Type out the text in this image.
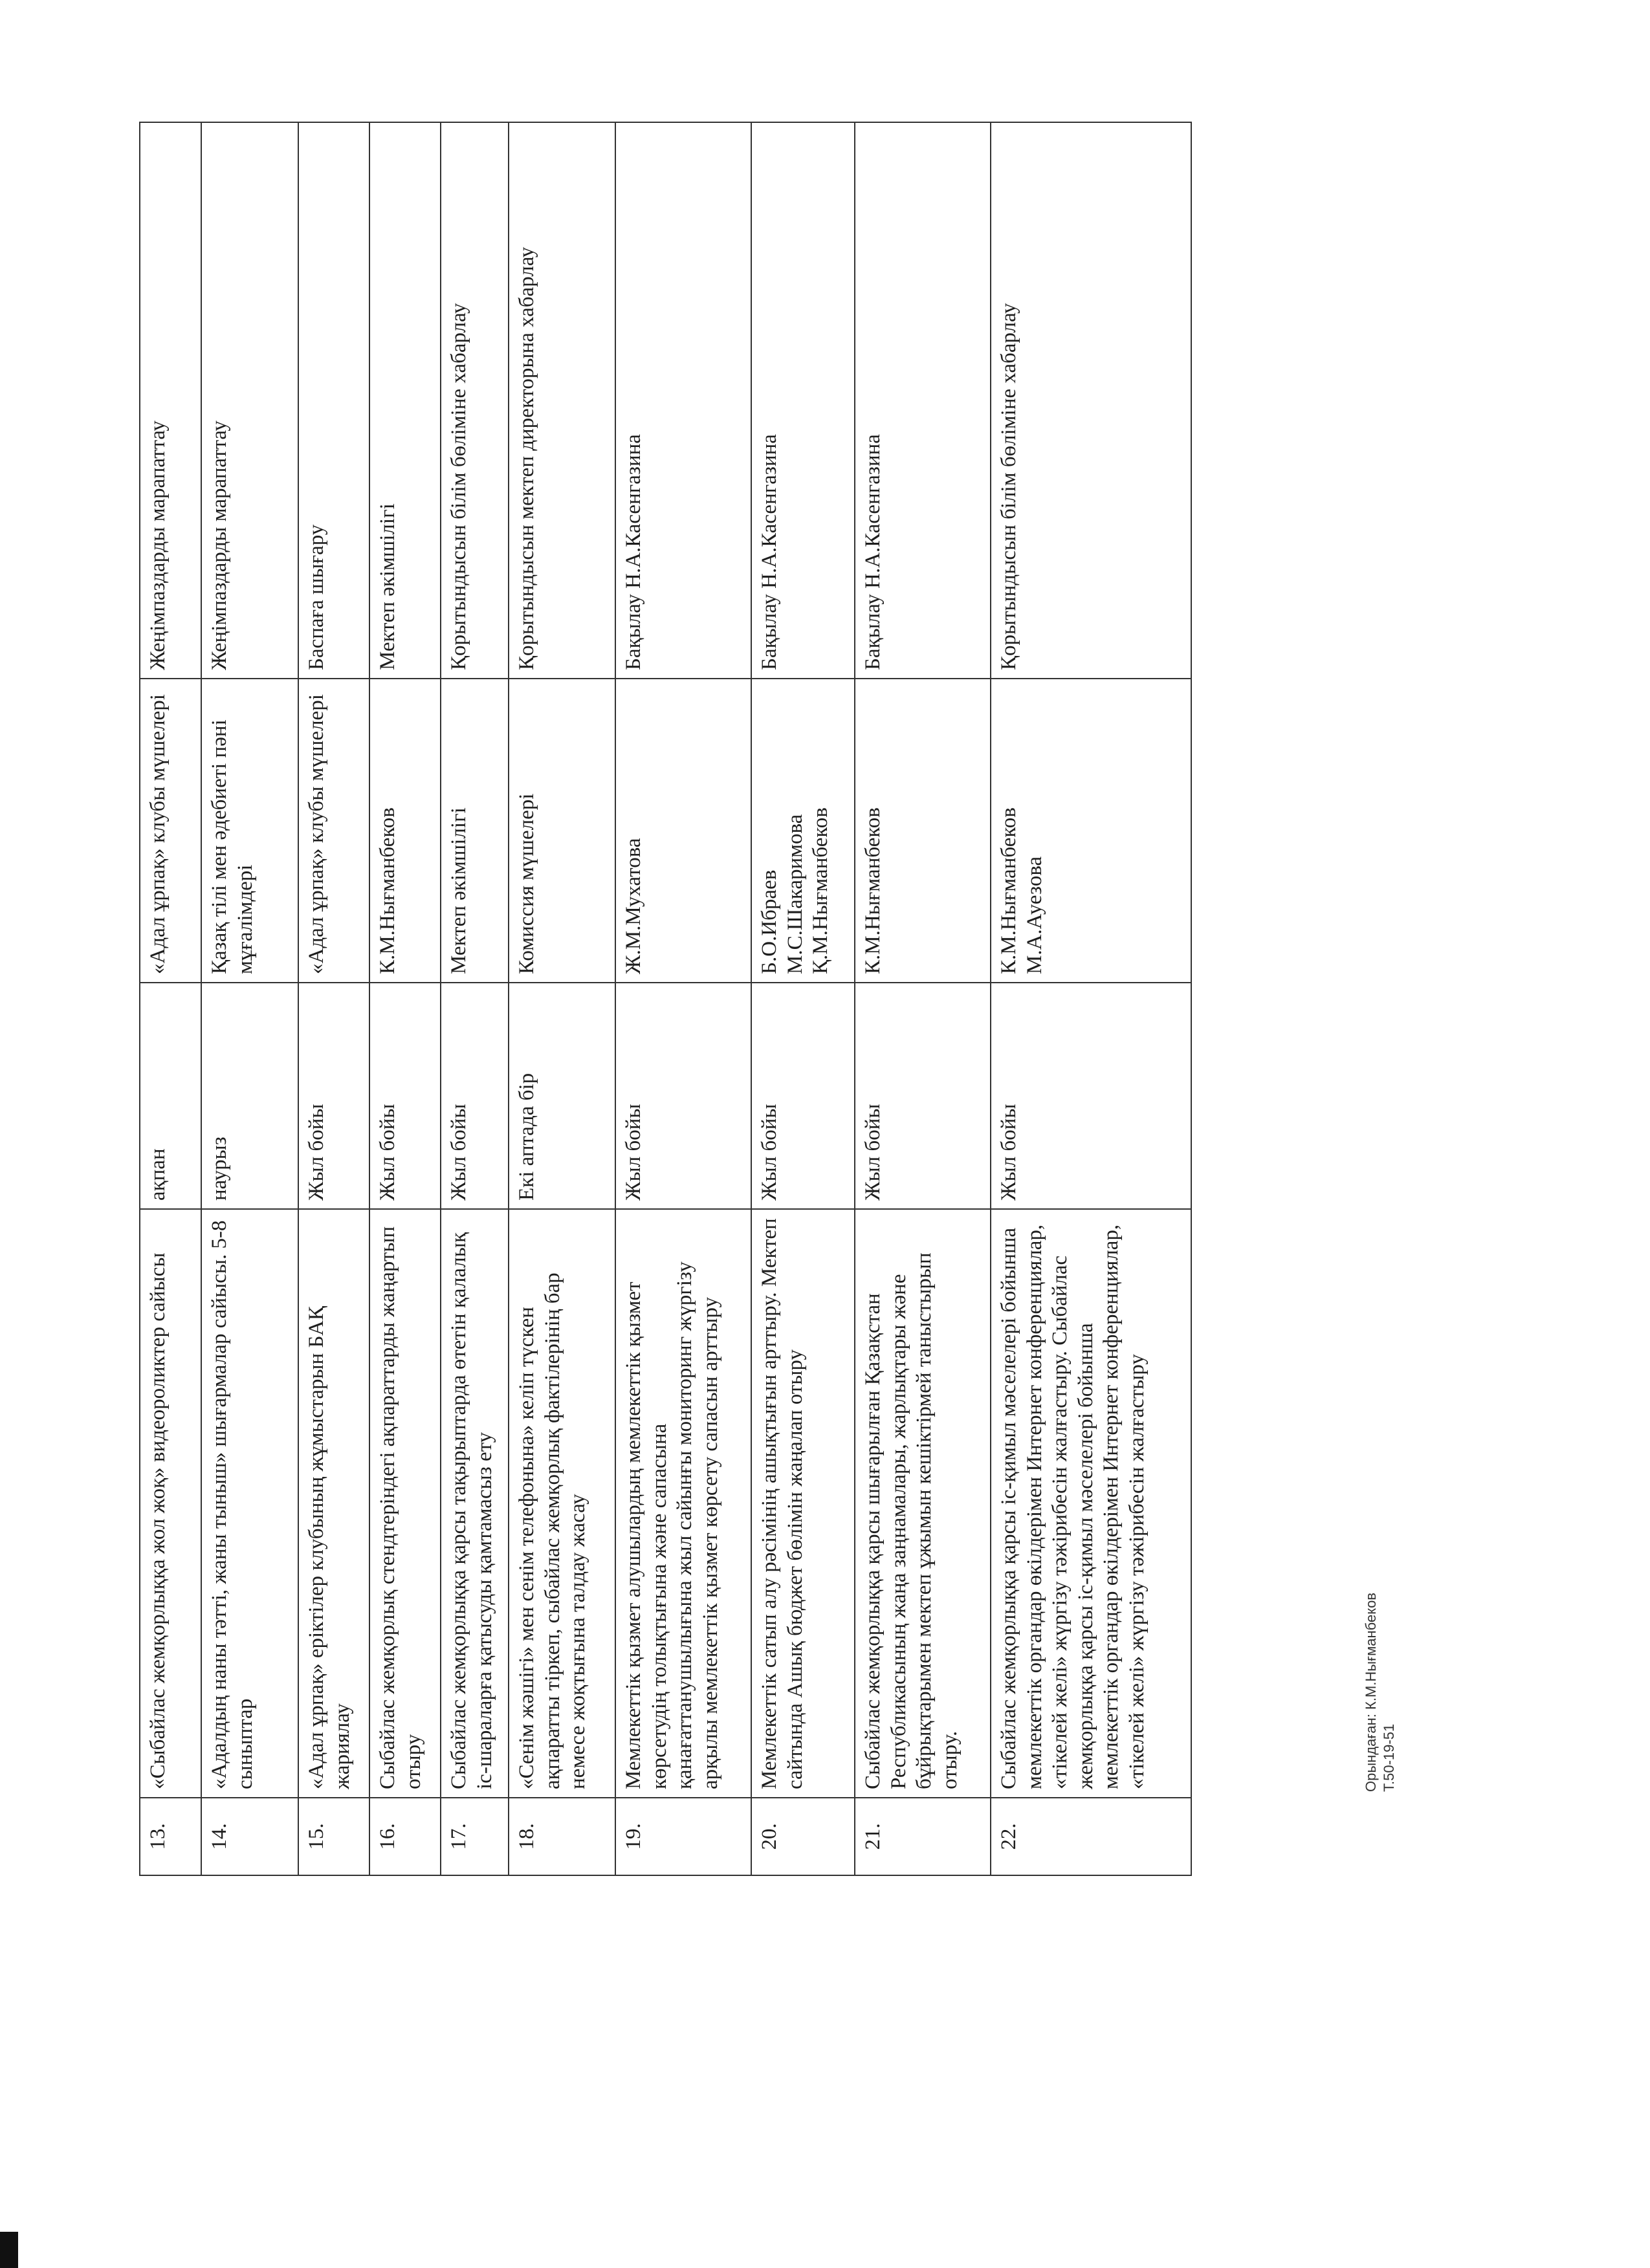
13.	«Сыбайлас жемқорлыққа жол жоқ» видеороликтер сайысы	ақпан	«Адал ұрпақ» клубы мүшелері	Жеңімпаздарды марапаттау
14.	«Адалдың наны тәтті, жаны тыныш» шығармалар сайысы. 5-8 сыныптар	наурыз	Қазақ тілі мен әдебиеті пәні мұғалімдері	Жеңімпаздарды марапаттау
15.	«Адал ұрпақ» еріктілер клубының жұмыстарын БАҚ жариялау	Жыл бойы	«Адал ұрпақ» клубы мүшелері	Баспаға шығару
16.	Сыбайлас жемқорлық стендтеріндегі ақпараттарды жаңартып отыру	Жыл бойы	К.М.Нығманбеков	Мектеп әкімшілігі
17.	Сыбайлас жемқорлыққа қарсы тақырыптарда өтетін қалалық іс-шараларға қатысуды қамтамасыз ету	Жыл бойы	Мектеп әкімшілігі	Қорытындысын білім бөліміне хабарлау
18.	«Сенім жәшігі» мен сенім телефонына» келіп түскен ақпаратты тіркеп, сыбайлас жемқорлық фактілерінің бар немесе жоқтығына талдау жасау	Екі аптада бір	Комиссия мүшелері	Қорытындысын мектеп директорына хабарлау
19.	Мемлекеттік қызмет алушылардың мемлекеттік қызмет көрсетудің толықтығына және сапасына қанағаттанушылығына жыл сайынғы мониторинг жүргізу арқылы мемлекеттік қызмет көрсету сапасын арттыру	Жыл бойы	Ж.М.Мухатова	Бақылау Н.А.Касенгазина
20.	Мемлекеттік сатып алу рәсімінің ашықтығын арттыру. Мектеп сайтында Ашық бюджет бөлімін жаңалап отыру	Жыл бойы	Б.О.Ибраев М.С.Шакаримова Қ.М.Нығманбеков	Бақылау Н.А.Касенгазина
21.	Сыбайлас жемқорлыққа қарсы шығарылған Қазақстан Республикасының жаңа заңнамалары, жарлықтары және бұйрықтарымен мектеп ұжымын кешіктірмей таныстырып отыру.	Жыл бойы	К.М.Нығманбеков	Бақылау Н.А.Касенгазина
22.	Сыбайлас жемқорлыққа қарсы іс-қимыл мәселелері бойынша мемлекеттік органдар өкілдерімен Интернет конференциялар, «тікелей желі» жүргізу тәжірибесін жалғастыру. Сыбайлас жемқорлыққа қарсы іс-қимыл мәселелері бойынша мемлекеттік органдар өкілдерімен Интернет конференциялар, «тікелей желі» жүргізу тәжірибесін жалғастыру	Жыл бойы	К.М.Нығманбеков М.А.Ауезова	Қорытындысын білім бөліміне хабарлау
Орындаған: К.М.Нығманбеков Т.50-19-51
